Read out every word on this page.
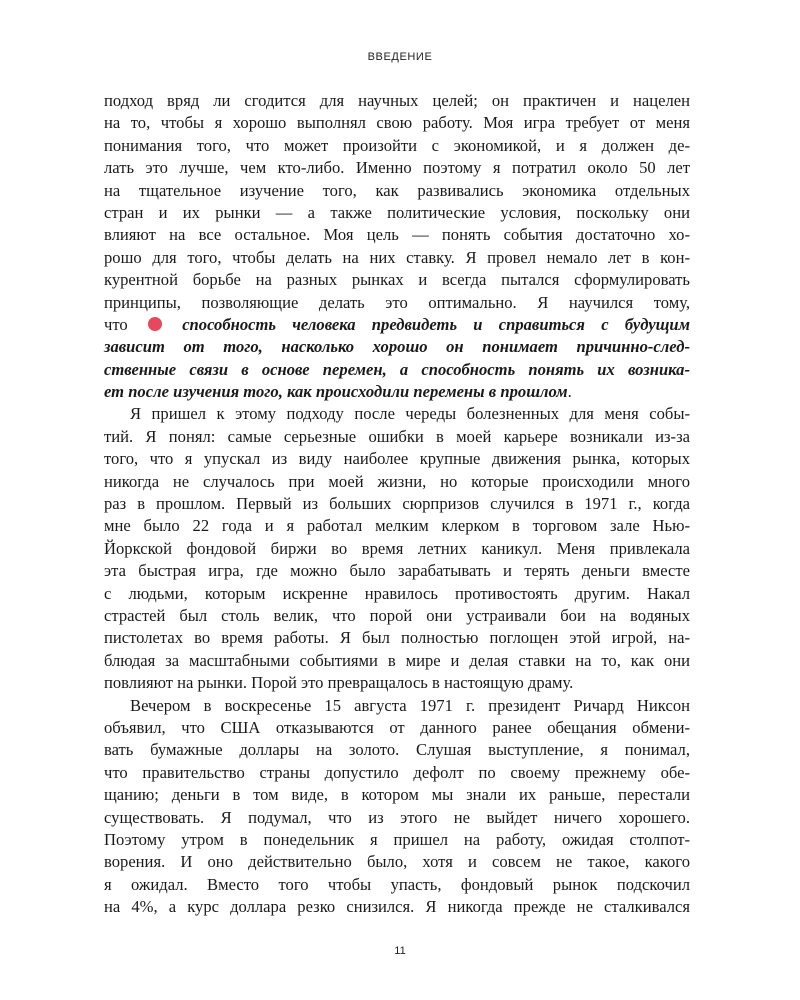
ВВЕДЕНИЕ
подход вряд ли сгодится для научных целей; он практичен и нацелен
на то, чтобы я хорошо выполнял свою работу. Моя игра требует от меня
понимания того, что может произойти с экономикой, и я должен де-
лать это лучше, чем кто-либо. Именно поэтому я потратил около 50 лет
на тщательное изучение того, как развивались экономика отдельных
стран и их рынки — а также политические условия, поскольку они
влияют на все остальное. Моя цель — понять события достаточно хо-
рошо для того, чтобы делать на них ставку. Я провел немало лет в кон-
курентной борьбе на разных рынках и всегда пытался сформулировать
принципы, позволяющие делать это оптимально. Я научился тому,
что	способность человека предвидеть и справиться с будущим
зависит от того, насколько хорошо он понимает причинно-след-
ственные связи в основе перемен, а способность понять их возника-
ет после изучения того, как происходили перемены в прошлом.
Я пришел к этому подходу после череды болезненных для меня собы-
тий. Я понял: самые серьезные ошибки в моей карьере возникали из-за
того, что я упускал из виду наиболее крупные движения рынка, которых
никогда не случалось при моей жизни, но которые происходили много
раз в прошлом. Первый из больших сюрпризов случился в 1971 г., когда
мне было 22 года и я работал мелким клерком в торговом зале Нью-
Йоркской фондовой биржи во время летних каникул. Меня привлекала
эта быстрая игра, где можно было зарабатывать и терять деньги вместе
с людьми, которым искренне нравилось противостоять другим. Накал
страстей был столь велик, что порой они устраивали бои на водяных
пистолетах во время работы. Я был полностью поглощен этой игрой, на-
блюдая за масштабными событиями в мире и делая ставки на то, как они
повлияют на рынки. Порой это превращалось в настоящую драму.
Вечером в воскресенье 15 августа 1971 г. президент Ричард Никсон
объявил, что США отказываются от данного ранее обещания обмени-
вать бумажные доллары на золото. Слушая выступление, я понимал,
что правительство страны допустило дефолт по своему прежнему обе-
щанию; деньги в том виде, в котором мы знали их раньше, перестали
существовать. Я подумал, что из этого не выйдет ничего хорошего.
Поэтому утром в понедельник я пришел на работу, ожидая столпот-
ворения. И оно действительно было, хотя и совсем не такое, какого
я ожидал. Вместо того чтобы упасть, фондовый рынок подскочил
на 4%, а курс доллара резко снизился. Я никогда прежде не сталкивался
11
